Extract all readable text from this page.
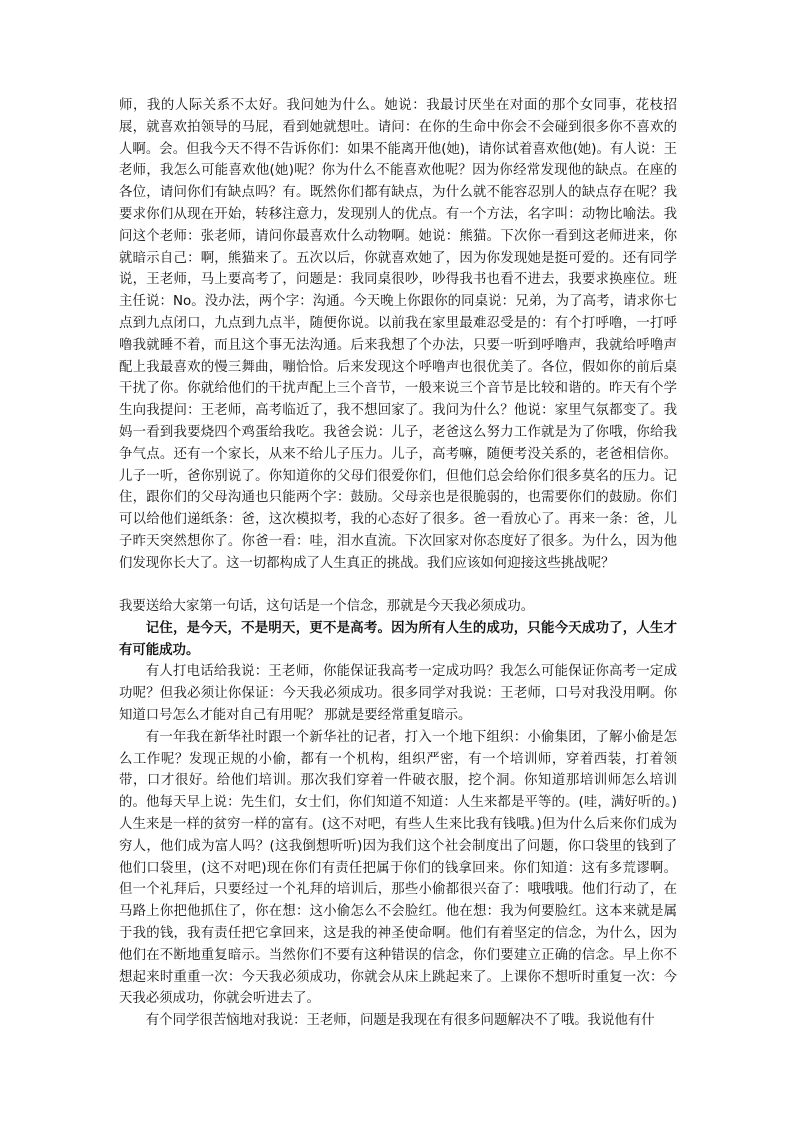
师，我的人际关系不太好。我问她为什么。她说：我最讨厌坐在对面的那个女同事，花枝招展，就喜欢拍领导的马屁，看到她就想吐。请问：在你的生命中你会不会碰到很多你不喜欢的人啊。会。但我今天不得不告诉你们：如果不能离开他(她)，请你试着喜欢他(她)。有人说：王老师，我怎么可能喜欢他(她)呢？你为什么不能喜欢他呢？因为你经常发现他的缺点。在座的各位，请问你们有缺点吗？有。既然你们都有缺点，为什么就不能容忍别人的缺点存在呢？我要求你们从现在开始，转移注意力，发现别人的优点。有一个方法，名字叫：动物比喻法。我问这个老师：张老师，请问你最喜欢什么动物啊。她说：熊猫。下次你一看到这老师进来，你就暗示自己：啊，熊猫来了。五次以后，你就喜欢她了，因为你发现她是挺可爱的。还有同学说，王老师，马上要高考了，问题是：我同桌很吵，吵得我书也看不进去，我要求换座位。班主任说：No。没办法，两个字：沟通。今天晚上你跟你的同桌说：兄弟，为了高考，请求你七点到九点闭口，九点到九点半，随便你说。以前我在家里最难忍受是的：有个打呼噜，一打呼噜我就睡不着，而且这个事无法沟通。后来我想了个办法，只要一听到呼噜声，我就给呼噜声配上我最喜欢的慢三舞曲，嘣恰恰。后来发现这个呼噜声也很优美了。各位，假如你的前后桌干扰了你。你就给他们的干扰声配上三个音节，一般来说三个音节是比较和谐的。昨天有个学生向我提问：王老师，高考临近了，我不想回家了。我问为什么？他说：家里气氛都变了。我妈一看到我要烧四个鸡蛋给我吃。我爸会说：儿子，老爸这么努力工作就是为了你哦，你给我争气点。还有一个家长，从来不给儿子压力。儿子，高考嘛，随便考没关系的，老爸相信你。儿子一听，爸你别说了。你知道你的父母们很爱你们，但他们总会给你们很多莫名的压力。记住，跟你们的父母沟通也只能两个字：鼓励。父母亲也是很脆弱的，也需要你们的鼓励。你们可以给他们递纸条：爸，这次模拟考，我的心态好了很多。爸一看放心了。再来一条：爸，儿子昨天突然想你了。你爸一看：哇，泪水直流。下次回家对你态度好了很多。为什么，因为他们发现你长大了。这一切都构成了人生真正的挑战。我们应该如何迎接这些挑战呢？

我要送给大家第一句话，这句话是一个信念，那就是今天我必须成功。

记住，是今天，不是明天，更不是高考。因为所有人生的成功，只能今天成功了，人生才有可能成功。

有人打电话给我说：王老师，你能保证我高考一定成功吗？我怎么可能保证你高考一定成功呢？但我必须让你保证：今天我必须成功。很多同学对我说：王老师，口号对我没用啊。你知道口号怎么才能对自己有用呢？ 那就是要经常重复暗示。

有一年我在新华社时跟一个新华社的记者，打入一个地下组织：小偷集团，了解小偷是怎么工作呢？发现正规的小偷，都有一个机构，组织严密，有一个培训师，穿着西装，打着领带，口才很好。给他们培训。那次我们穿着一件破衣服，挖个洞。你知道那培训师怎么培训的。他每天早上说：先生们，女士们，你们知道不知道：人生来都是平等的。(哇，满好听的。)人生来是一样的贫穷一样的富有。(这不对吧，有些人生来比我有钱哦。)但为什么后来你们成为穷人，他们成为富人吗？(这我倒想听听)因为我们这个社会制度出了问题，你口袋里的钱到了他们口袋里，(这不对吧)现在你们有责任把属于你们的钱拿回来。你们知道：这有多荒谬啊。但一个礼拜后，只要经过一个礼拜的培训后，那些小偷都很兴奋了：哦哦哦。他们行动了，在马路上你把他抓住了，你在想：这小偷怎么不会脸红。他在想：我为何要脸红。这本来就是属于我的钱，我有责任把它拿回来，这是我的神圣使命啊。他们有着坚定的信念，为什么，因为他们在不断地重复暗示。当然你们不要有这种错误的信念，你们要建立正确的信念。早上你不想起来时重重一次：今天我必须成功，你就会从床上跳起来了。上课你不想听时重复一次：今天我必须成功，你就会听进去了。

有个同学很苦恼地对我说：王老师，问题是我现在有很多问题解决不了哦。我说他有什
